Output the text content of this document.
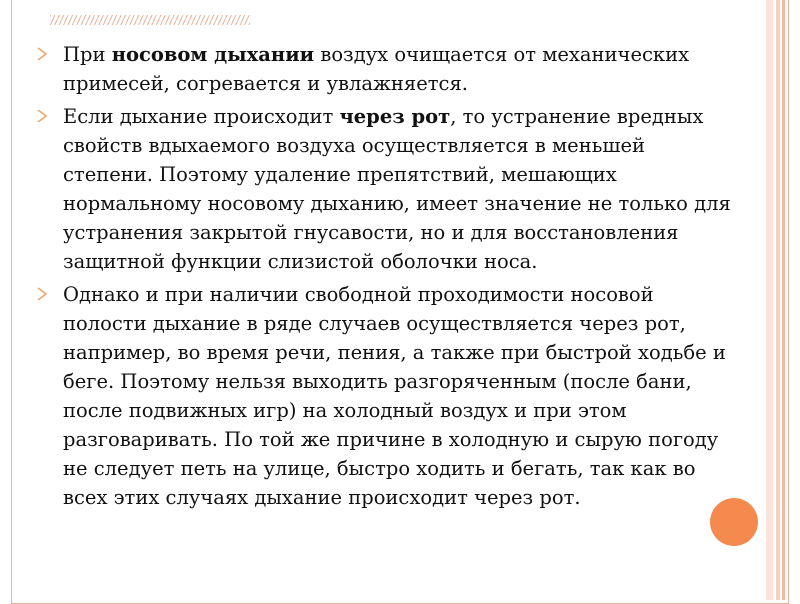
При носовом дыхании воздух очищается от механических примесей, согревается и увлажняется.
Если дыхание происходит через рот, то устранение вредных свойств вдыхаемого воздуха осуществляется в меньшей степени. Поэтому удаление препятствий, мешающих нормальному носовому дыханию, имеет значение не только для устранения закрытой гнусавости, но и для восстановления защитной функции слизистой оболочки носа.
Однако и при наличии свободной проходимости носовой полости дыхание в ряде случаев осуществляется через рот, например, во время речи, пения, а также при быстрой ходьбе и беге. Поэтому нельзя выходить разгоряченным (после бани, после подвижных игр) на холодный воздух и при этом разговаривать. По той же причине в холодную и сырую погоду не следует петь на улице, быстро ходить и бегать, так как во всех этих случаях дыхание происходит через рот.
